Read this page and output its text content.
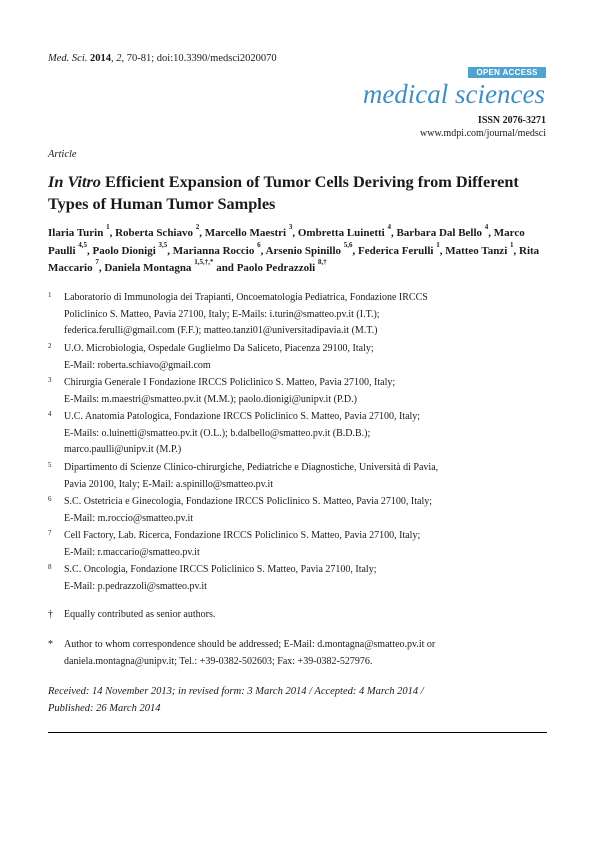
Med. Sci. 2014, 2, 70-81; doi:10.3390/medsci2020070
OPEN ACCESS
medical sciences
ISSN 2076-3271
www.mdpi.com/journal/medsci
Article
In Vitro Efficient Expansion of Tumor Cells Deriving from Different Types of Human Tumor Samples
Ilaria Turin $^1$, Roberta Schiavo $^2$, Marcello Maestri $^3$, Ombretta Luinetti $^4$, Barbara Dal Bello $^4$, Marco Paulli $^{4,5}$, Paolo Dionigi $^{3,5}$, Marianna Roccio $^6$, Arsenio Spinillo $^{5,6}$, Federica Ferulli $^1$, Matteo Tanzi $^1$, Rita Maccario $^7$, Daniela Montagna $^{1,5,\dagger,*}$ and Paolo Pedrazzoli $^{8,\dagger}$
1 Laboratorio di Immunologia dei Trapianti, Oncoematologia Pediatrica, Fondazione IRCCS
Policlinico S. Matteo, Pavia 27100, Italy; E-Mails: i.turin@smatteo.pv.it (I.T.);
federica.ferulli@gmail.com (F.F.); matteo.tanzi01@universitadipavia.it (M.T.)
2 U.O. Microbiologia, Ospedale Guglielmo Da Saliceto, Piacenza 29100, Italy;
E-Mail: roberta.schiavo@gmail.com
3 Chirurgia Generale I Fondazione IRCCS Policlinico S. Matteo, Pavia 27100, Italy;
E-Mails: m.maestri@smatteo.pv.it (M.M.); paolo.dionigi@unipv.it (P.D.)
4 U.C. Anatomia Patologica, Fondazione IRCCS Policlinico S. Matteo, Pavia 27100, Italy;
E-Mails: o.luinetti@smatteo.pv.it (O.L.); b.dalbello@smatteo.pv.it (B.D.B.);
marco.paulli@unipv.it (M.P.)
5 Dipartimento di Scienze Clinico-chirurgiche, Pediatriche e Diagnostiche, Università di Pavia,
Pavia 20100, Italy; E-Mail: a.spinillo@smatteo.pv.it
6 S.C. Ostetricia e Ginecologia, Fondazione IRCCS Policlinico S. Matteo, Pavia 27100, Italy;
E-Mail: m.roccio@smatteo.pv.it
7 Cell Factory, Lab. Ricerca, Fondazione IRCCS Policlinico S. Matteo, Pavia 27100, Italy;
E-Mail: r.maccario@smatteo.pv.it
8 S.C. Oncologia, Fondazione IRCCS Policlinico S. Matteo, Pavia 27100, Italy;
E-Mail: p.pedrazzoli@smatteo.pv.it
† Equally contributed as senior authors.
* Author to whom correspondence should be addressed; E-Mail: d.montagna@smatteo.pv.it or
daniela.montagna@unipv.it; Tel.: +39-0382-502603; Fax: +39-0382-527976.
Received: 14 November 2013; in revised form: 3 March 2014 / Accepted: 4 March 2014 /
Published: 26 March 2014
